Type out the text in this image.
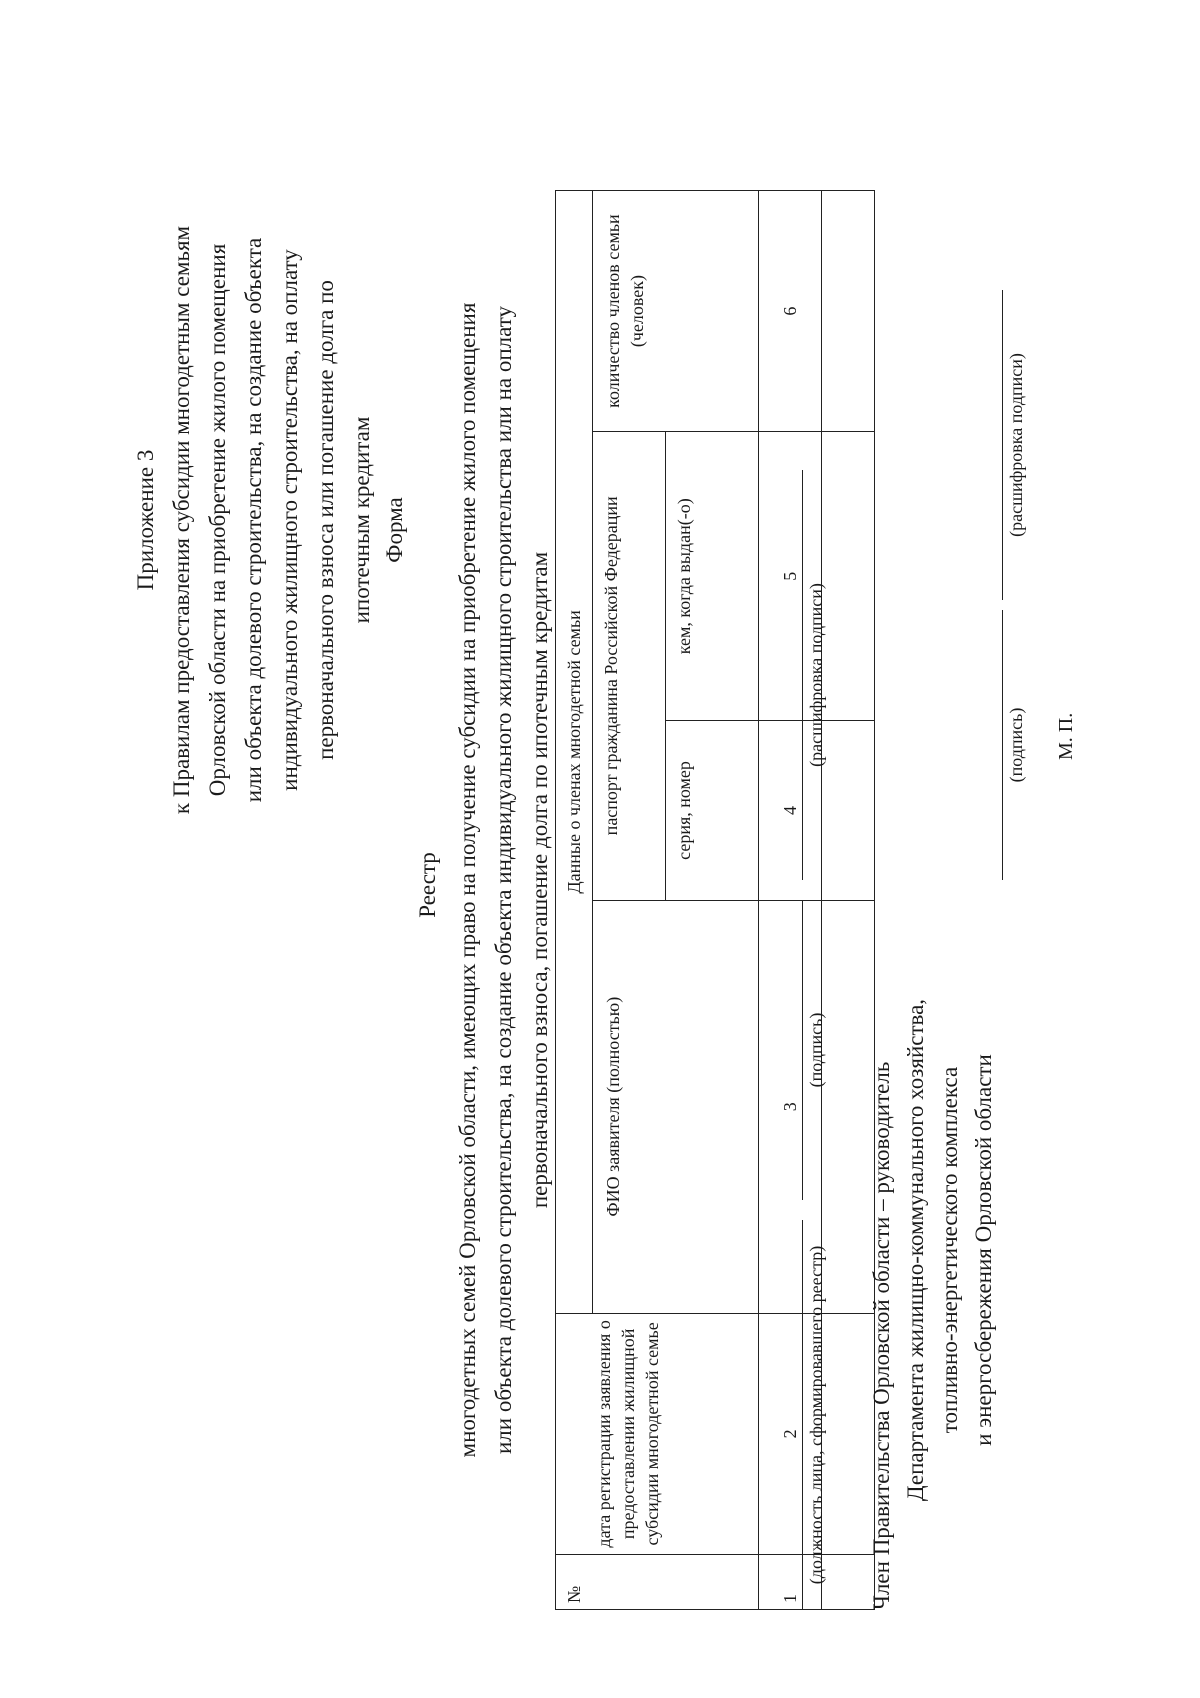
Приложение 3 к Правилам предоставления субсидии многодетным семьям Орловской области на приобретение жилого помещения или объекта долевого строительства, на создание объекта индивидуального жилищного строительства, на оплату первоначального взноса или погашение долга по ипотечным кредитам Форма
Реестр многодетных семей Орловской области, имеющих право на получение субсидии на приобретение жилого помещения или объекта долевого строительства, на создание объекта индивидуального жилищного строительства или на оплату первоначального взноса, погашение долга по ипотечным кредитам
№	дата регистрации заявления о предоставлении жилищной субсидии многодетной семье	Данные о членах многодетной семьи			
		ФИО заявителя (полностью)	паспорт гражданина Российской Федерации		количество членов семьи (человек)
			серия, номер	кем, когда выдан(-о)	
1	2	3	4	5	6

(должность лица, сформировавшего реестр)
(подпись)
(расшифровка подписи)
Член Правительства Орловской области – руководитель Департамента жилищно-коммунального хозяйства, топливно-энергетического комплекса и энергосбережения Орловской области
(подпись)
(расшифровка подписи)
М. П.
